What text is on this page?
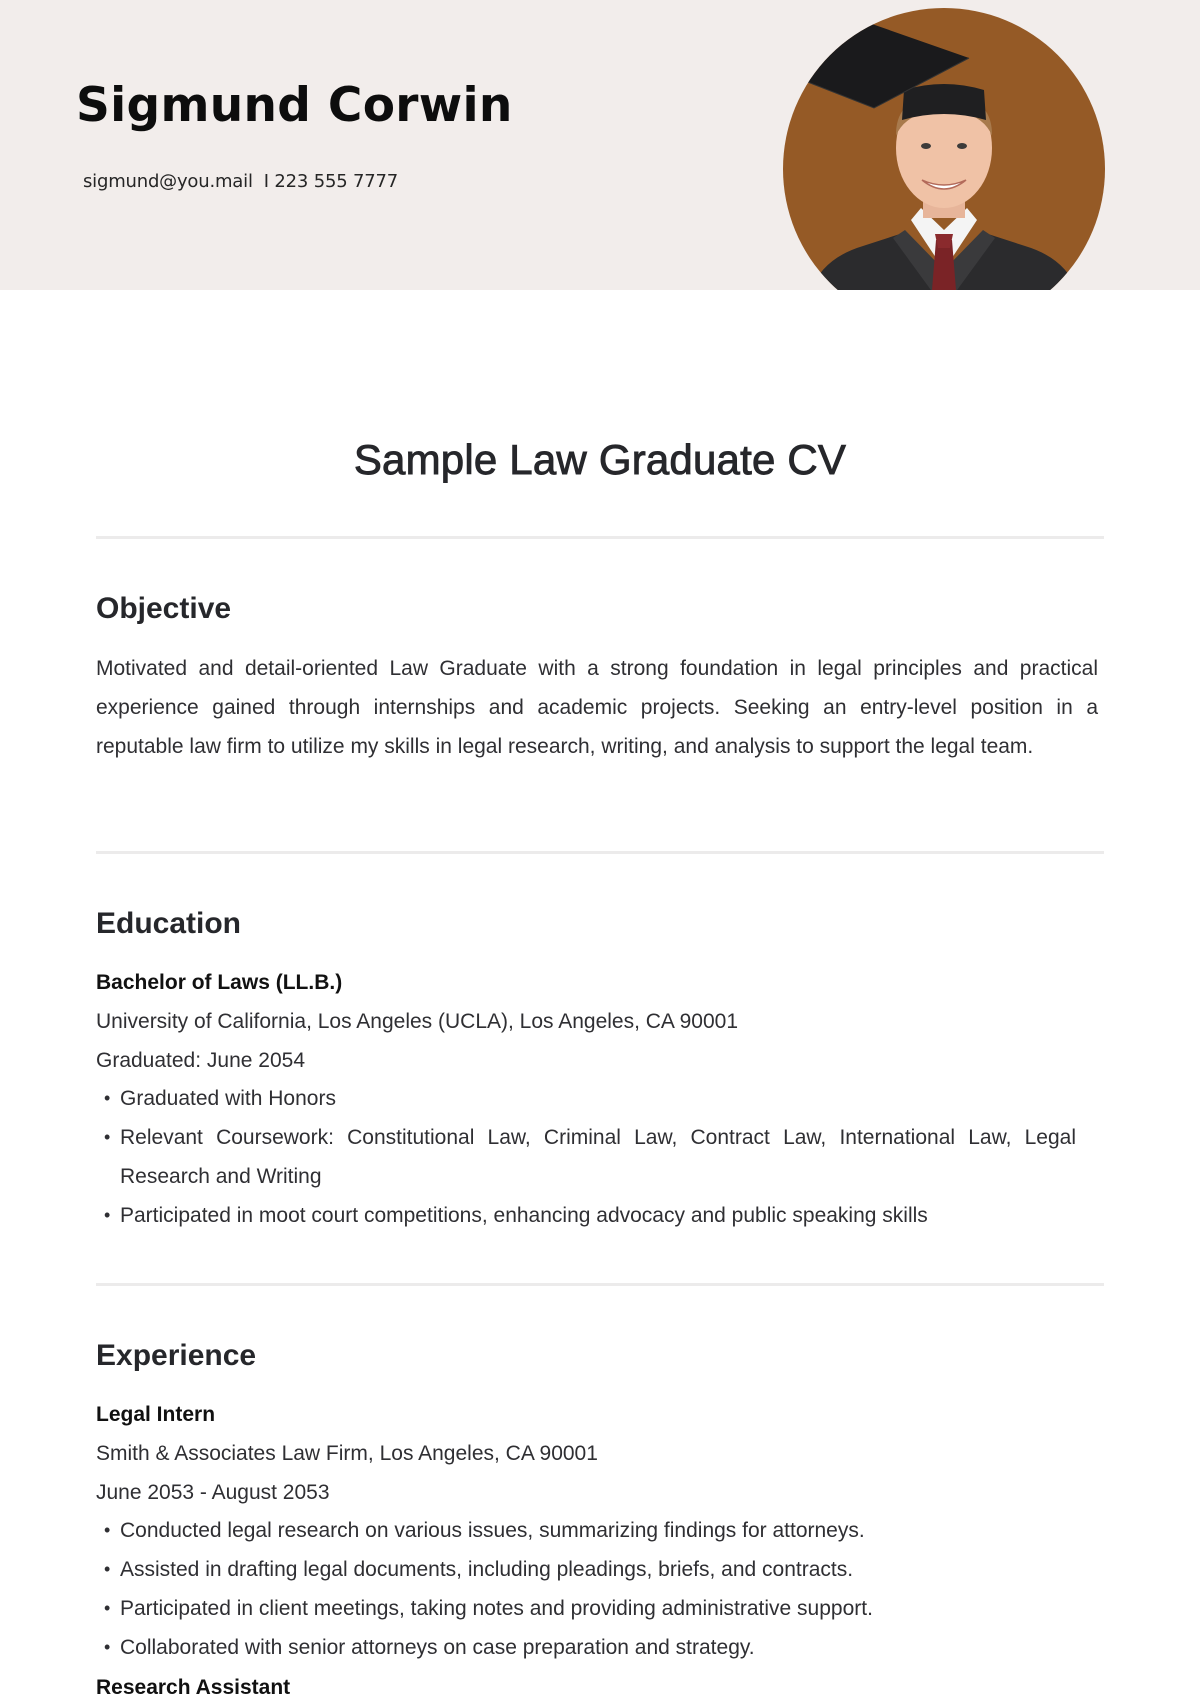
Sigmund Corwin
sigmund@you.mail  I 223 555 7777
Sample Law Graduate CV
Objective

Motivated and detail-oriented Law Graduate with a strong foundation in legal principles and practical experience gained through internships and academic projects. Seeking an entry-level position in a reputable law firm to utilize my skills in legal research, writing, and analysis to support the legal team.

Education
Bachelor of Laws (LL.B.)
University of California, Los Angeles (UCLA), Los Angeles, CA 90001
Graduated: June 2054
• Graduated with Honors
• Relevant Coursework: Constitutional Law, Criminal Law, Contract Law, International Law, Legal Research and Writing
• Participated in moot court competitions, enhancing advocacy and public speaking skills
Experience
Legal Intern
Smith & Associates Law Firm, Los Angeles, CA 90001
June 2053 - August 2053
• Conducted legal research on various issues, summarizing findings for attorneys.
• Assisted in drafting legal documents, including pleadings, briefs, and contracts.
• Participated in client meetings, taking notes and providing administrative support.
• Collaborated with senior attorneys on case preparation and strategy.
Research Assistant
